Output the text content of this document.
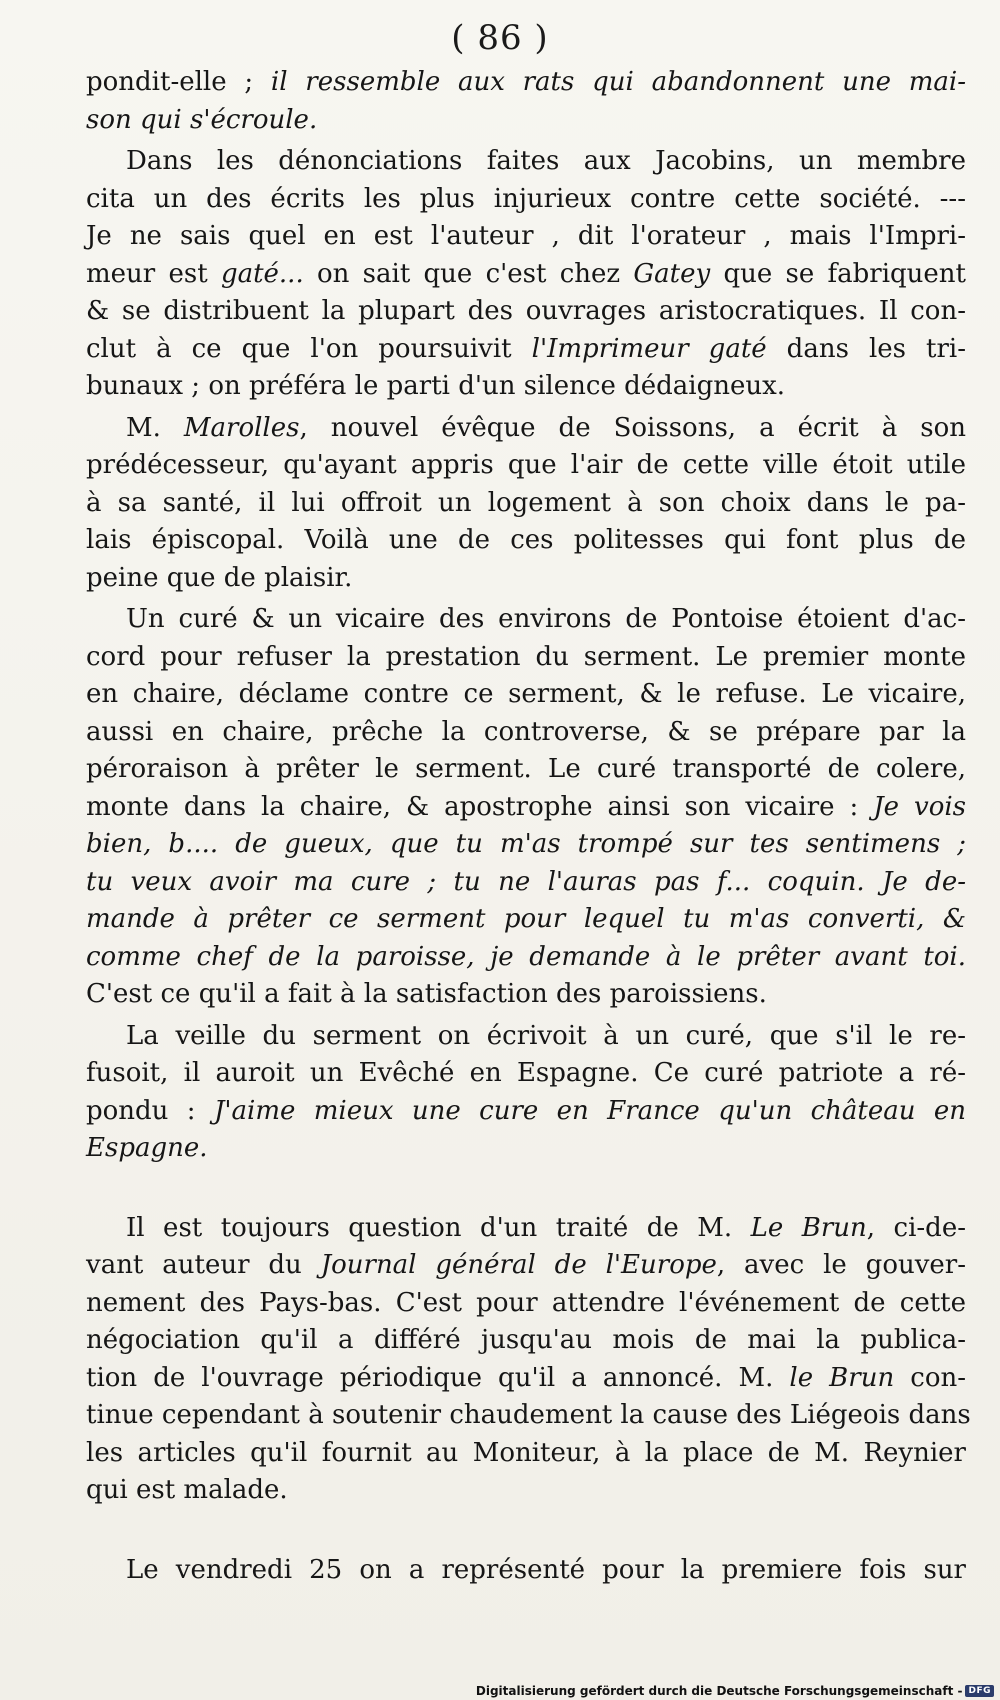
( 86 )

pondit-elle ; il ressemble aux rats qui abandonnent une mai-
son qui s'écroule.

Dans les dénonciations faites aux Jacobins, un membre
cita un des écrits les plus injurieux contre cette société. ---
Je ne sais quel en est l'auteur , dit l'orateur , mais l'Impri-
meur est gaté... on sait que c'est chez Gatey que se fabriquent
& se distribuent la plupart des ouvrages aristocratiques. Il con-
clut à ce que l'on poursuivit l'Imprimeur gaté dans les tri-
bunaux ; on préféra le parti d'un silence dédaigneux.

M. Marolles, nouvel évêque de Soissons, a écrit à son
prédécesseur, qu'ayant appris que l'air de cette ville étoit utile
à sa santé, il lui offroit un logement à son choix dans le pa-
lais épiscopal. Voilà une de ces politesses qui font plus de
peine que de plaisir.

Un curé & un vicaire des environs de Pontoise étoient d'ac-
cord pour refuser la prestation du serment. Le premier monte
en chaire, déclame contre ce serment, & le refuse. Le vicaire,
aussi en chaire, prêche la controverse, & se prépare par la
péroraison à prêter le serment. Le curé transporté de colere,
monte dans la chaire, & apostrophe ainsi son vicaire : Je vois
bien, b.... de gueux, que tu m'as trompé sur tes sentimens ;
tu veux avoir ma cure ; tu ne l'auras pas f... coquin. Je de-
mande à prêter ce serment pour lequel tu m'as converti, &
comme chef de la paroisse, je demande à le prêter avant toi.
C'est ce qu'il a fait à la satisfaction des paroissiens.

La veille du serment on écrivoit à un curé, que s'il le re-
fusoit, il auroit un Evêché en Espagne. Ce curé patriote a ré-
pondu : J'aime mieux une cure en France qu'un château en
Espagne.

Il est toujours question d'un traité de M. Le Brun, ci-de-
vant auteur du Journal général de l'Europe, avec le gouver-
nement des Pays-bas. C'est pour attendre l'événement de cette
négociation qu'il a différé jusqu'au mois de mai la publica-
tion de l'ouvrage périodique qu'il a annoncé. M. le Brun con-
tinue cependant à soutenir chaudement la cause des Liégeois dans
les articles qu'il fournit au Moniteur, à la place de M. Reynier
qui est malade.

Le vendredi 25 on a représenté pour la premiere fois sur

Digitalisierung gefördert durch die Deutsche Forschungsgemeinschaft - DFG
